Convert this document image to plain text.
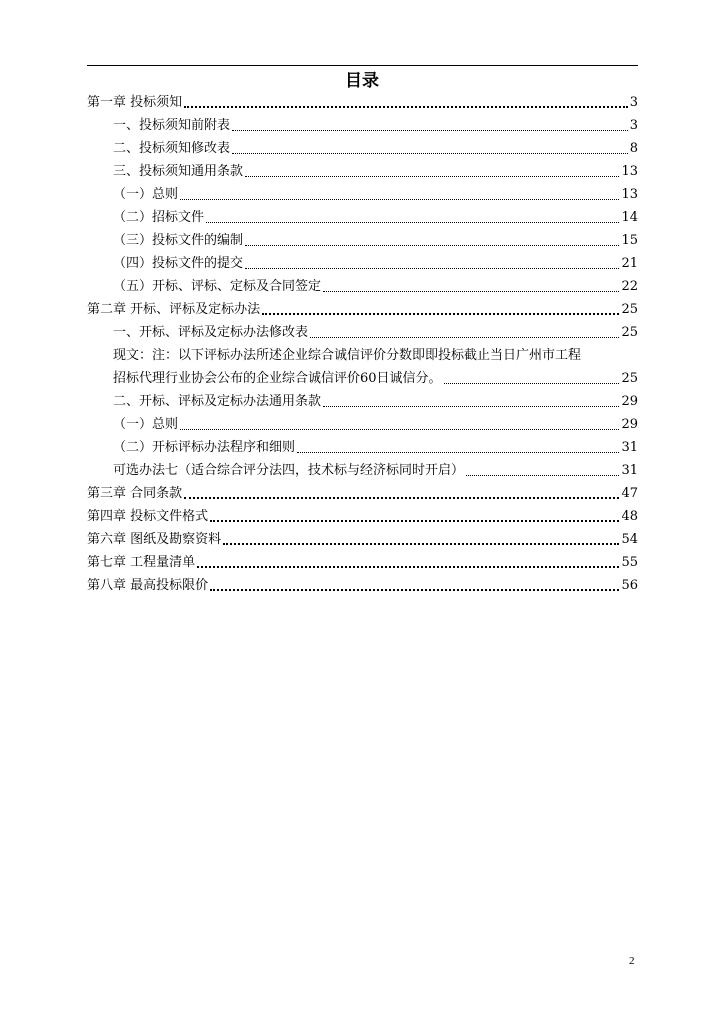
目录
第一章 投标须知	3
一、投标须知前附表	3
二、投标须知修改表	8
三、投标须知通用条款	13
（一）总则	13
（二）招标文件	14
（三）投标文件的编制	15
（四）投标文件的提交	21
（五）开标、评标、定标及合同签定	22
第二章 开标、评标及定标办法	25
一、开标、评标及定标办法修改表	25
现文：注：以下评标办法所述企业综合诚信评价分数即即投标截止当日广州市工程
招标代理行业协会公布的企业综合诚信评价60日诚信分。	25
二、开标、评标及定标办法通用条款	29
（一）总则	29
（二）开标评标办法程序和细则	31
可选办法七（适合综合评分法四，技术标与经济标同时开启）	31
第三章 合同条款	47
第四章 投标文件格式	48
第六章 图纸及勘察资料	54
第七章 工程量清单	55
第八章 最高投标限价	56
2
